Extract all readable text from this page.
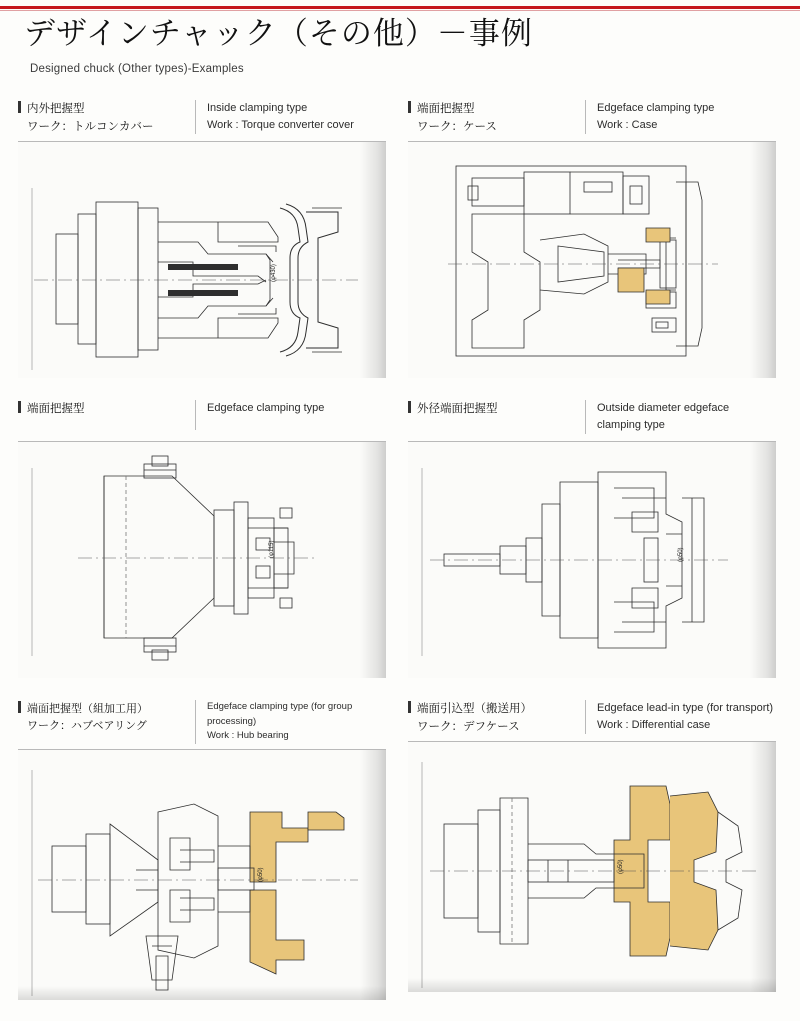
デザインチャック（その他）－事例
Designed chuck (Other types)-Examples
内外把握型
ワーク：トルコンカバー
Inside clamping type
Work : Torque converter cover
(φ430)
端面把握型
ワーク：ケース
Edgeface clamping type
Work : Case
端面把握型	Edgeface clamping type
(φ115)
外径端面把握型	Outside diameter edgeface
clamping type
(φ50)
端面把握型（組加工用）
ワーク：ハブベアリング
Edgeface clamping type (for group processing)
Work : Hub bearing
(φ50)
端面引込型（搬送用）
ワーク：デフケース
Edgeface lead-in type (for transport)
Work : Differential case
(φ50)
